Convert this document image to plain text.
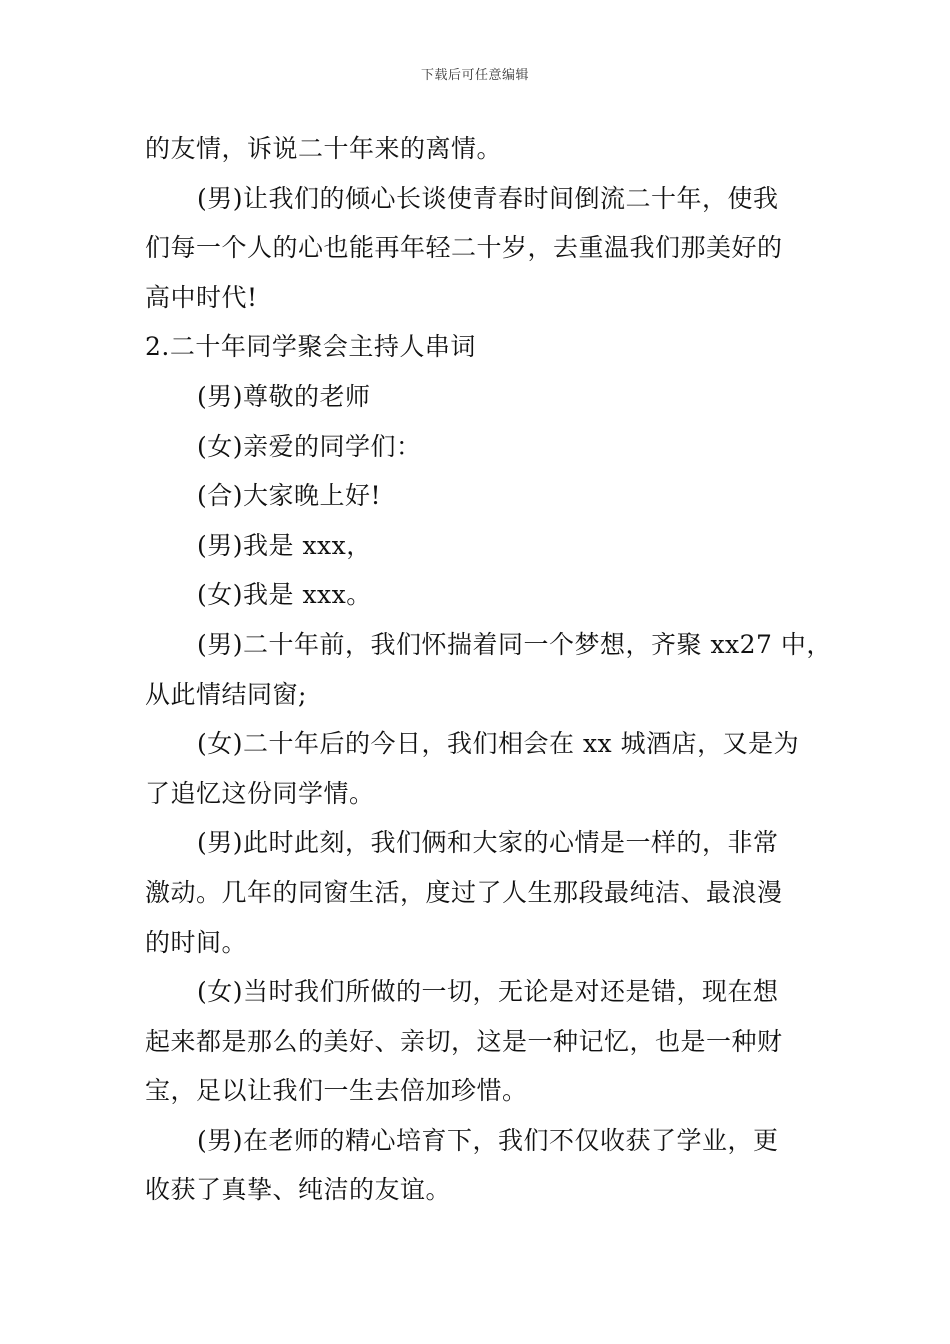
下载后可任意编辑
的友情，诉说二十年来的离情。
(男)让我们的倾心长谈使青春时间倒流二十年，使我
们每一个人的心也能再年轻二十岁，去重温我们那美好的
高中时代!
2.二十年同学聚会主持人串词
(男)尊敬的老师
(女)亲爱的同学们：
(合)大家晚上好!
(男)我是 xxx，
(女)我是 xxx。
(男)二十年前，我们怀揣着同一个梦想，齐聚 xx27 中，
从此情结同窗;
(女)二十年后的今日，我们相会在 xx 城酒店，又是为
了追忆这份同学情。
(男)此时此刻，我们俩和大家的心情是一样的，非常
激动。几年的同窗生活，度过了人生那段最纯洁、最浪漫
的时间。
(女)当时我们所做的一切，无论是对还是错，现在想
起来都是那么的美好、亲切，这是一种记忆，也是一种财
宝，足以让我们一生去倍加珍惜。
(男)在老师的精心培育下，我们不仅收获了学业，更
收获了真挚、纯洁的友谊。
